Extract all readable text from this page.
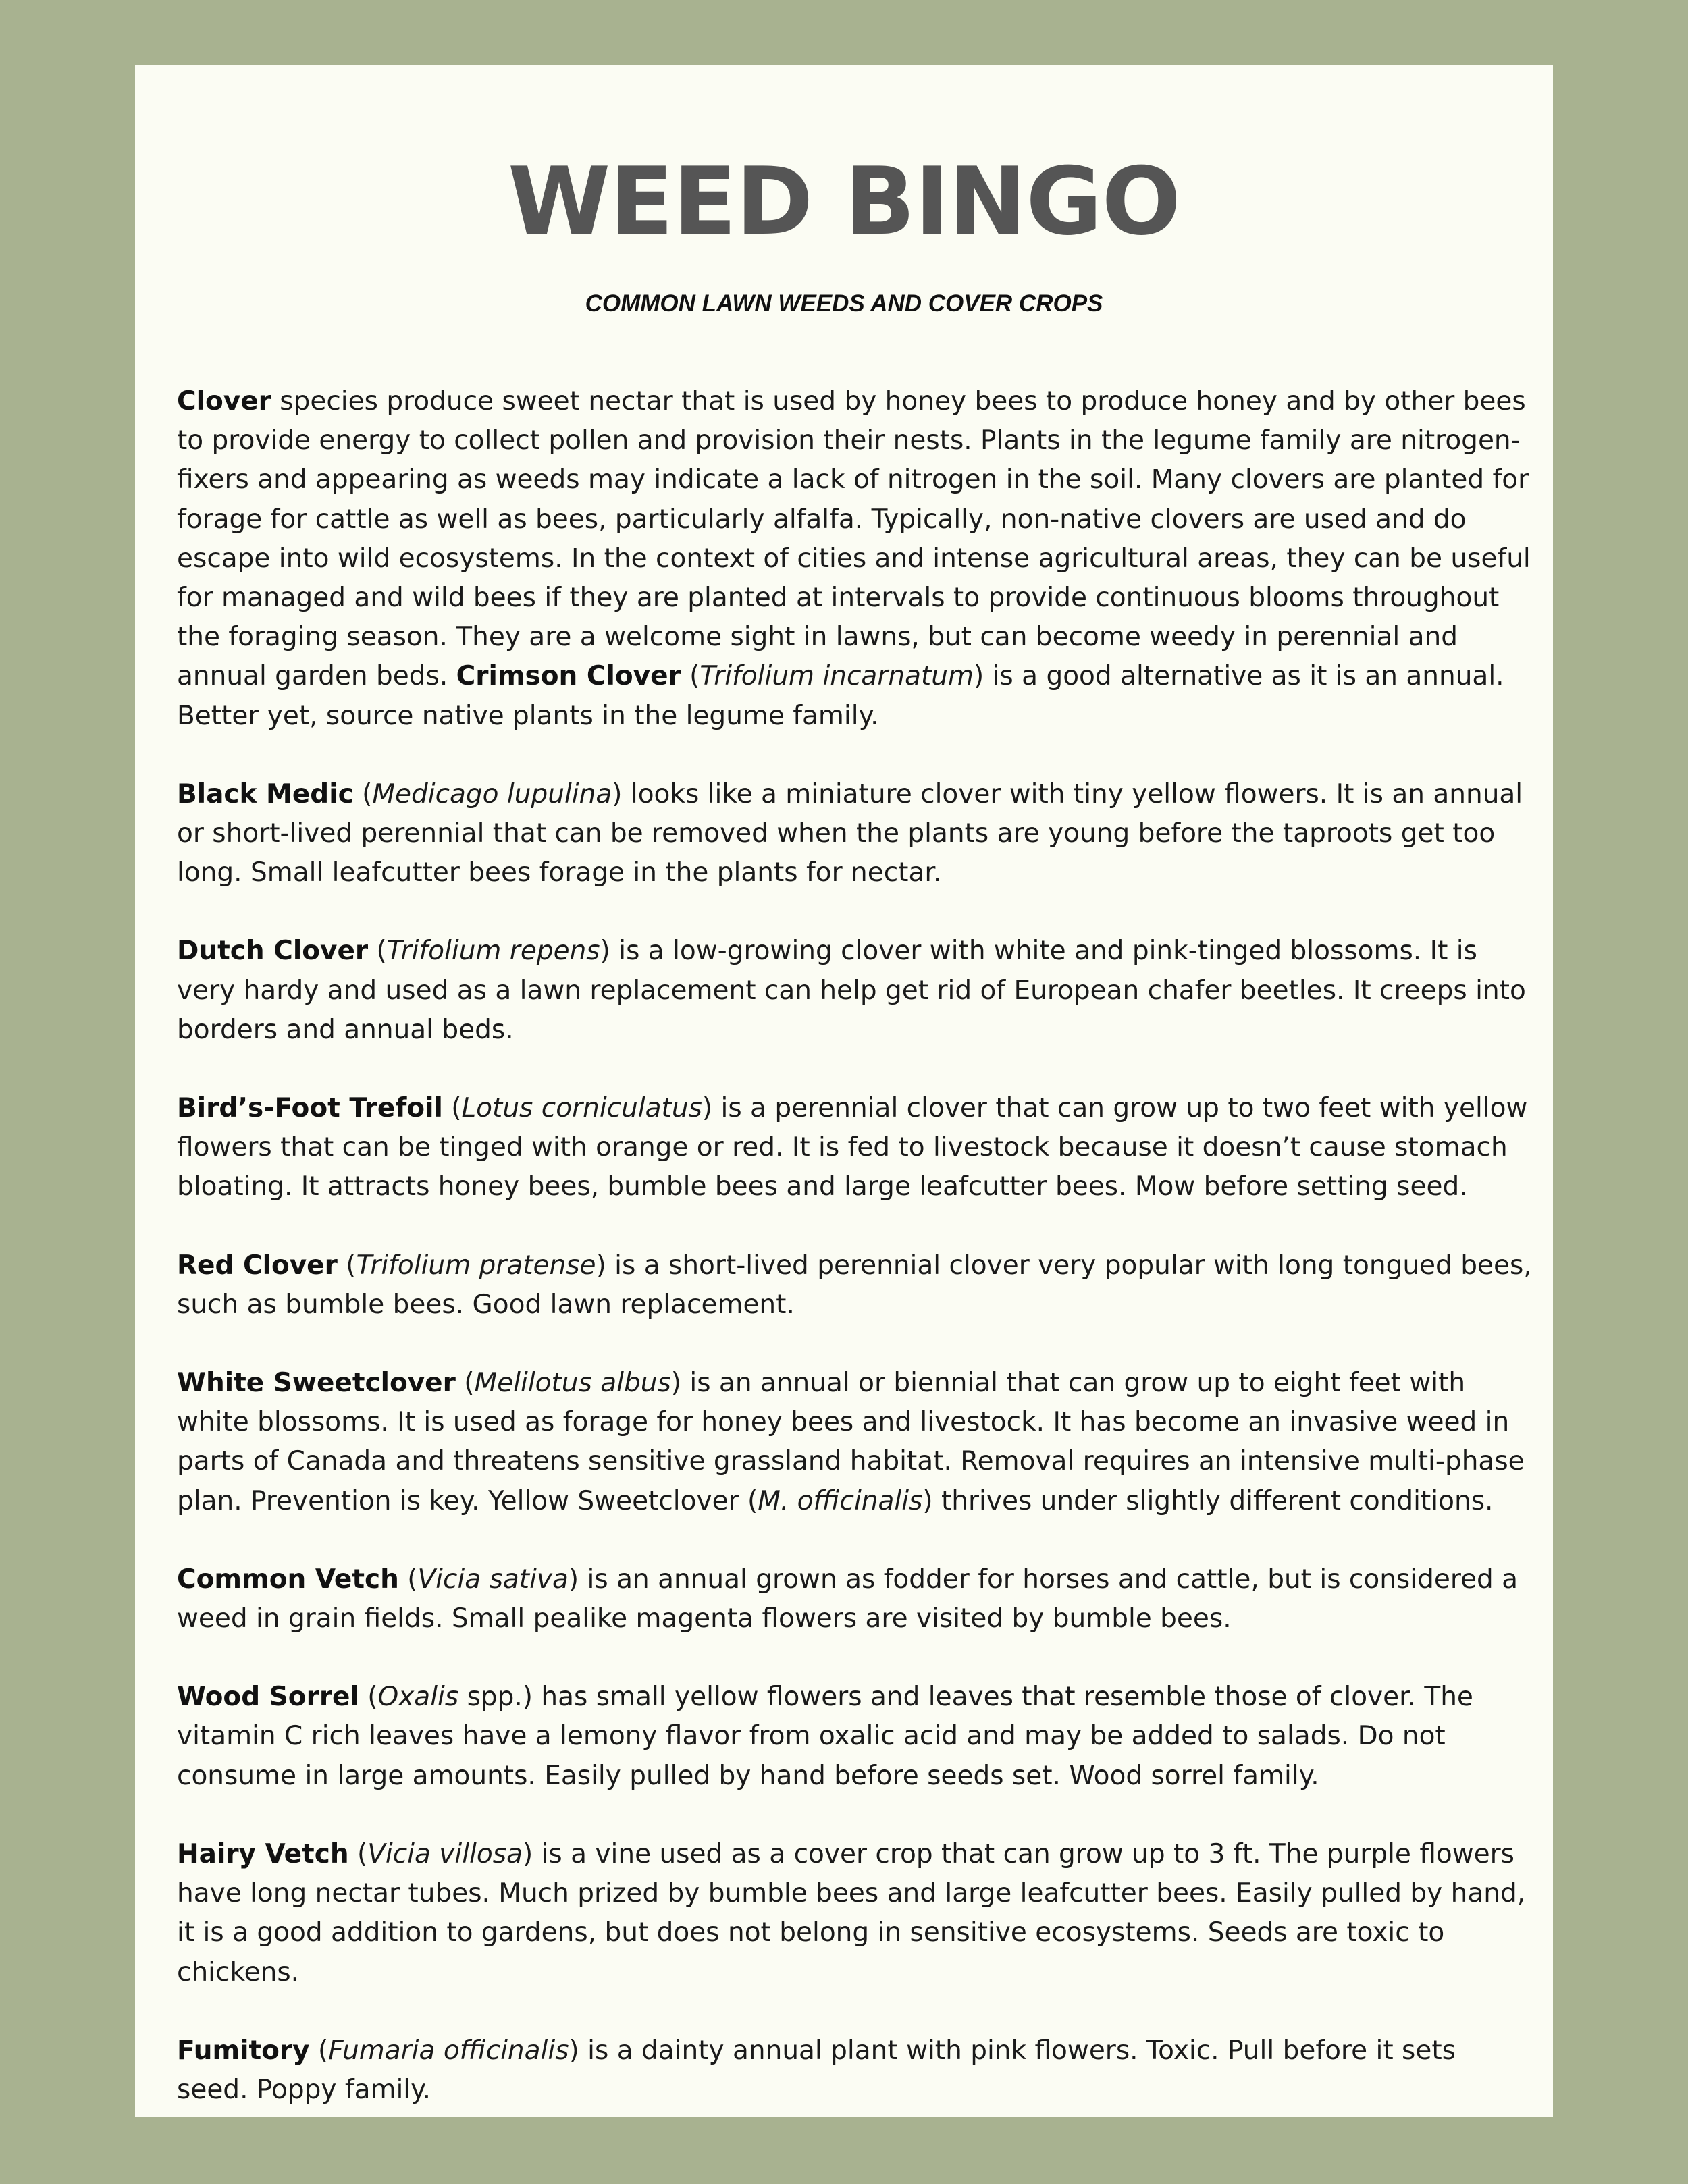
WEED BINGO
COMMON LAWN WEEDS AND COVER CROPS

Clover species produce sweet nectar that is used by honey bees to produce honey and by other bees to provide energy to collect pollen and provision their nests. Plants in the legume family are nitrogen-fixers and appearing as weeds may indicate a lack of nitrogen in the soil. Many clovers are planted for forage for cattle as well as bees, particularly alfalfa. Typically, non-native clovers are used and do escape into wild ecosystems. In the context of cities and intense agricultural areas, they can be useful for managed and wild bees if they are planted at intervals to provide continuous blooms throughout the foraging season. They are a welcome sight in lawns, but can become weedy in perennial and annual garden beds. Crimson Clover (Trifolium incarnatum) is a good alternative as it is an annual. Better yet, source native plants in the legume family.

Black Medic (Medicago lupulina) looks like a miniature clover with tiny yellow flowers. It is an annual or short-lived perennial that can be removed when the plants are young before the taproots get too long. Small leafcutter bees forage in the plants for nectar.

Dutch Clover (Trifolium repens) is a low-growing clover with white and pink-tinged blossoms. It is very hardy and used as a lawn replacement can help get rid of European chafer beetles. It creeps into borders and annual beds.

Bird’s-Foot Trefoil (Lotus corniculatus) is a perennial clover that can grow up to two feet with yellow flowers that can be tinged with orange or red. It is fed to livestock because it doesn’t cause stomach bloating. It attracts honey bees, bumble bees and large leafcutter bees. Mow before setting seed.

Red Clover (Trifolium pratense) is a short-lived perennial clover very popular with long tongued bees, such as bumble bees. Good lawn replacement.

White Sweetclover (Melilotus albus) is an annual or biennial that can grow up to eight feet with white blossoms. It is used as forage for honey bees and livestock. It has become an invasive weed in parts of Canada and threatens sensitive grassland habitat. Removal requires an intensive multi-phase plan. Prevention is key. Yellow Sweetclover (M. officinalis) thrives under slightly different conditions.

Common Vetch (Vicia sativa) is an annual grown as fodder for horses and cattle, but is considered a weed in grain fields. Small pealike magenta flowers are visited by bumble bees.

Wood Sorrel (Oxalis spp.) has small yellow flowers and leaves that resemble those of clover. The vitamin C rich leaves have a lemony flavor from oxalic acid and may be added to salads. Do not consume in large amounts. Easily pulled by hand before seeds set. Wood sorrel family.

Hairy Vetch (Vicia villosa) is a vine used as a cover crop that can grow up to 3 ft. The purple flowers have long nectar tubes. Much prized by bumble bees and large leafcutter bees. Easily pulled by hand, it is a good addition to gardens, but does not belong in sensitive ecosystems. Seeds are toxic to chickens.

Fumitory (Fumaria officinalis) is a dainty annual plant with pink flowers. Toxic. Pull before it sets seed. Poppy family.
